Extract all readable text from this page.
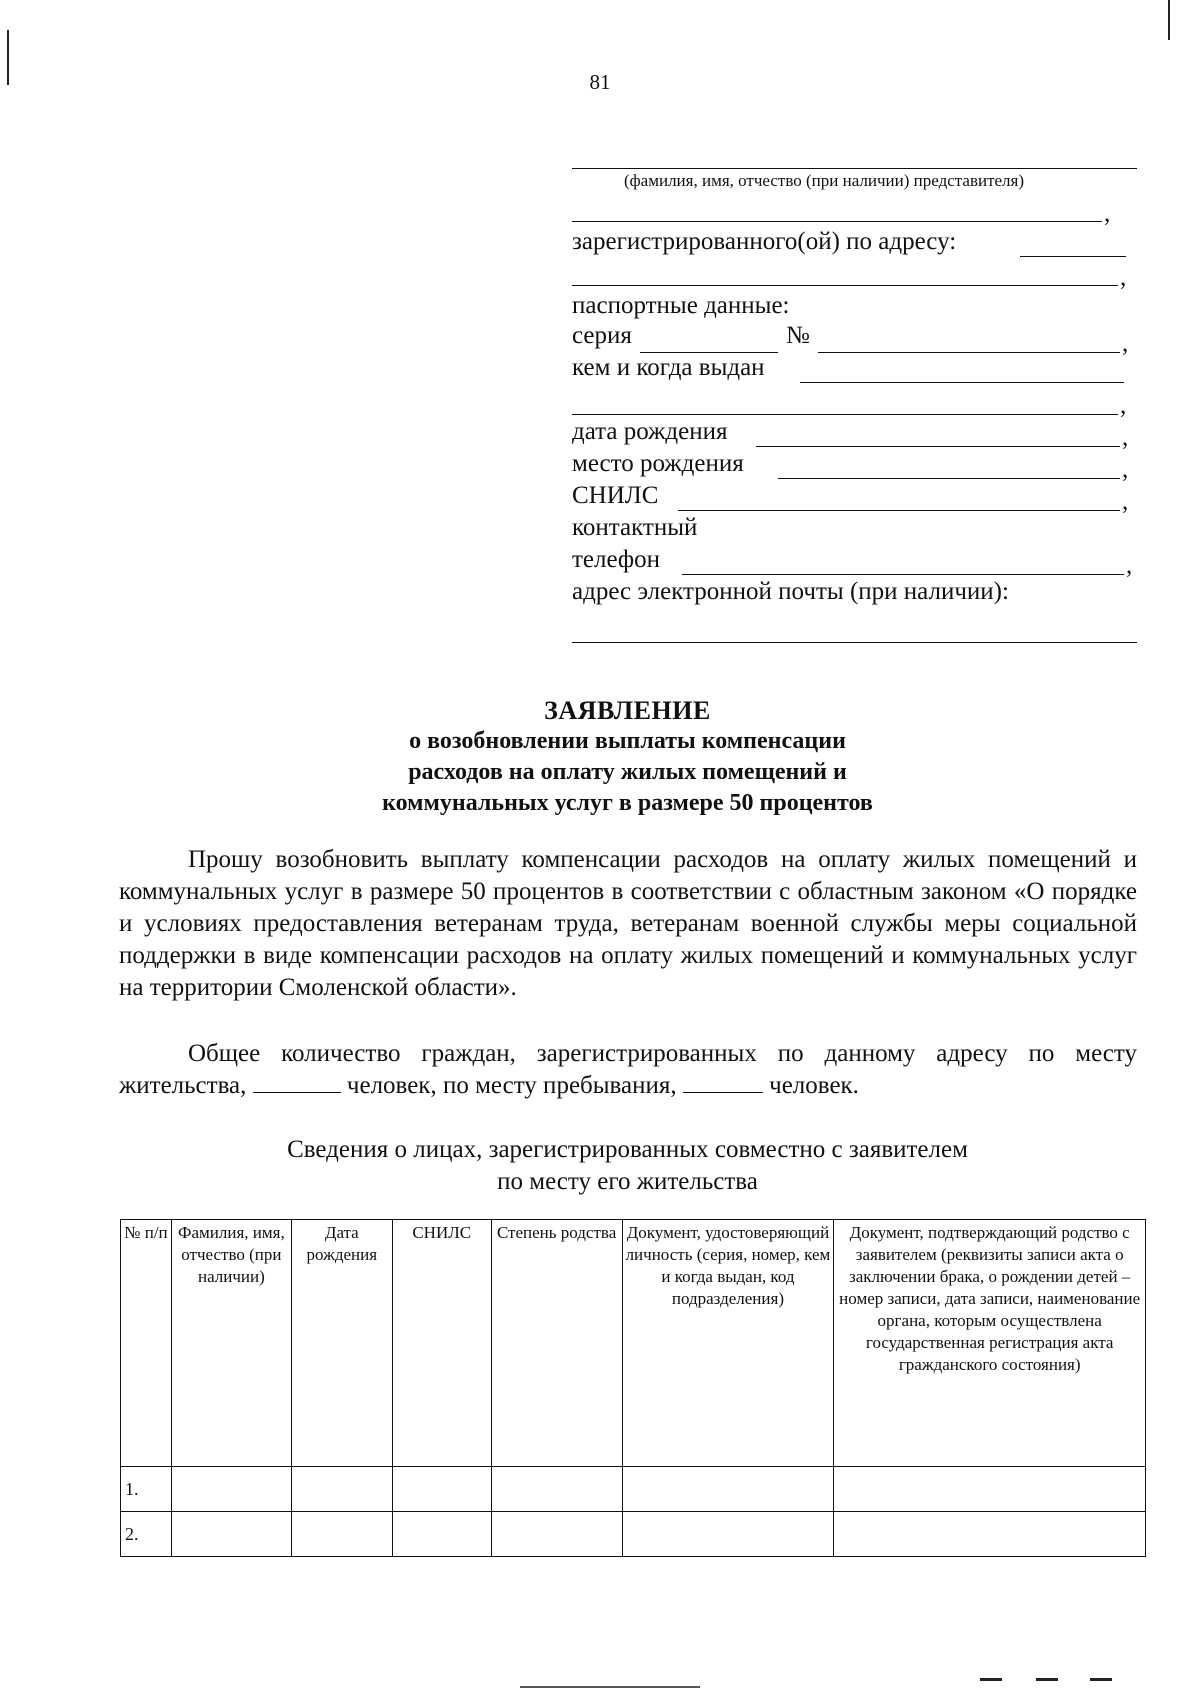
81
(фамилия, имя, отчество (при наличии) представителя)
,
зарегистрированного(ой) по адресу:
,
паспортные данные:
серия	№	,
кем и когда выдан
,
дата рождения	,
место рождения	,
СНИЛС	,
контактный
телефон	,
адрес электронной почты (при наличии):
ЗАЯВЛЕНИЕ
о возобновлении выплаты компенсации
расходов на оплату жилых помещений и
коммунальных услуг в размере 50 процентов
Прошу возобновить выплату компенсации расходов на оплату жилых помещений и коммунальных услуг в размере 50 процентов в соответствии с областным законом «О порядке и условиях предоставления ветеранам труда, ветеранам военной службы меры социальной поддержки в виде компенсации расходов на оплату жилых помещений и коммунальных услуг на территории Смоленской области».
Общее количество граждан, зарегистрированных по данному адресу по месту
жительства,	человек, по месту пребывания,	человек.
Сведения о лицах, зарегистрированных совместно с заявителем
по месту его жительства
№ п/п	Фамилия, имя, отчество (при наличии)	Дата рождения	СНИЛС	Степень родства	Документ, удостоверяющий личность (серия, номер, кем и когда выдан, код подразделения)	Документ, подтверждающий родство с заявителем (реквизиты записи акта о заключении брака, о рождении детей – номер записи, дата записи, наименование органа, которым осуществлена государственная регистрация акта гражданского состояния)
1.						
2.						
